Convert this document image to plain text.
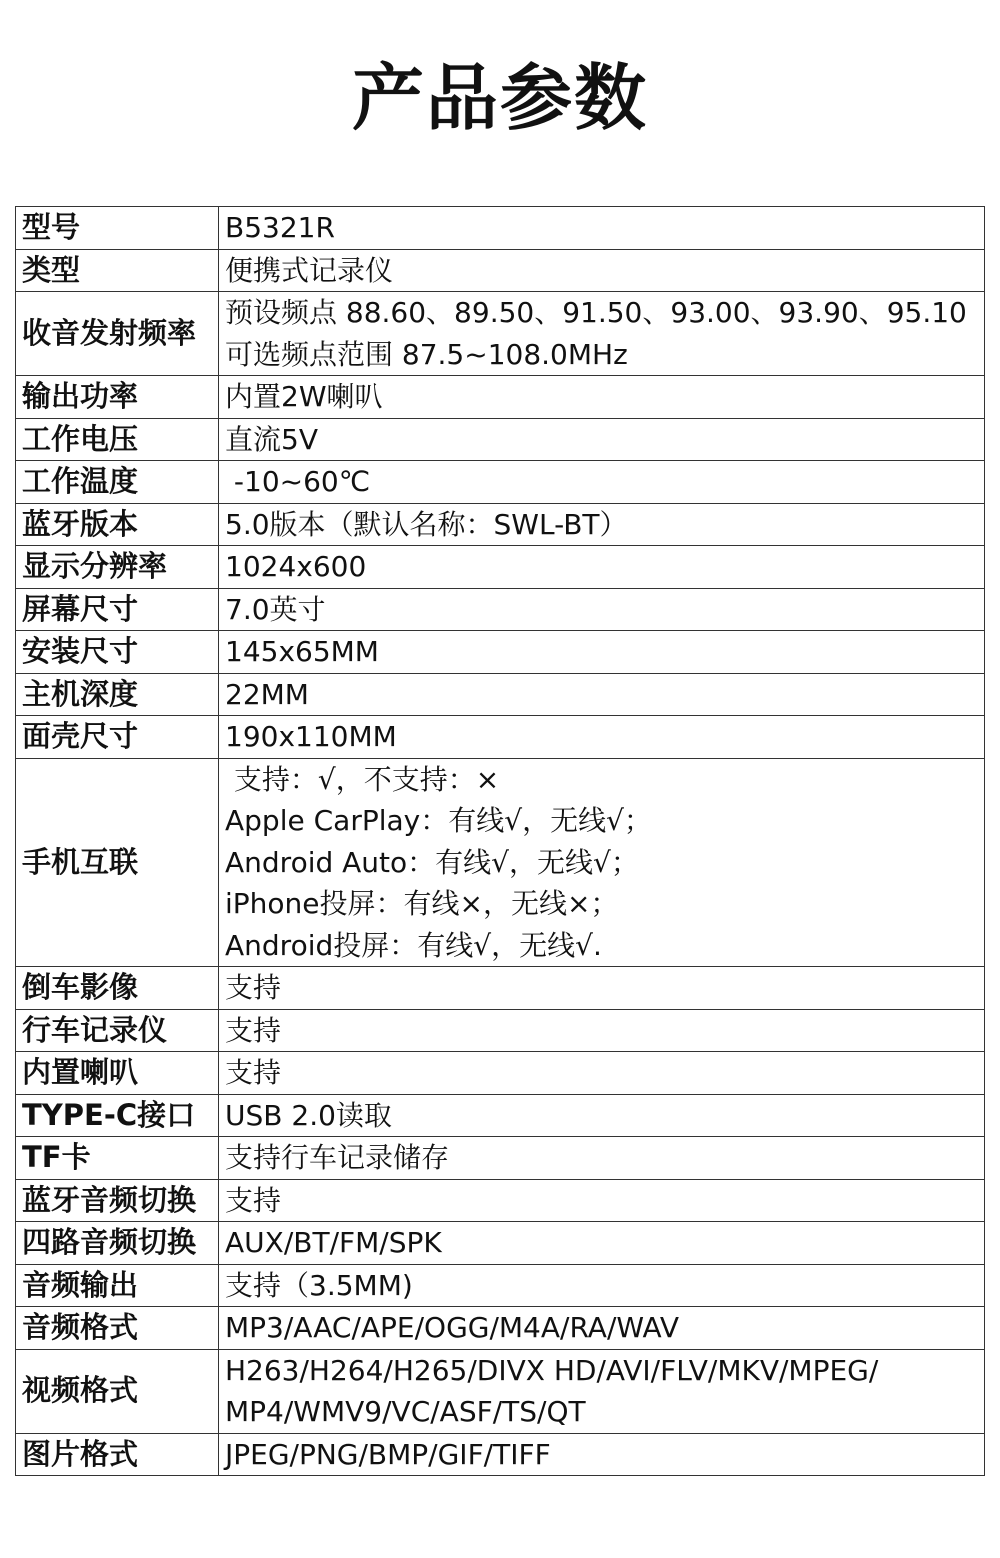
产品参数
型号	B5321R

类型	便携式记录仪

收音发射频率	预设频点 88.60、89.50、91.50、93.00、93.90、95.10
可选频点范围 87.5~108.0MHz

输出功率	内置2W喇叭

工作电压	直流5V

工作温度	-10~60℃

蓝牙版本	5.0版本（默认名称：SWL-BT）

显示分辨率	1024x600

屏幕尺寸	7.0英寸

安装尺寸	145x65MM

主机深度	22MM

面壳尺寸	190x110MM

手机互联	支持：√，不支持：×
Apple CarPlay：有线√，无线√；
Android Auto：有线√，无线√；
iPhone投屏：有线×，无线×；
Android投屏：有线√，无线√.

倒车影像	支持

行车记录仪	支持

内置喇叭	支持

TYPE-C接口	USB 2.0读取

TF卡	支持行车记录储存

蓝牙音频切换	支持

四路音频切换	AUX/BT/FM/SPK

音频输出	支持（3.5MM)

音频格式	MP3/AAC/APE/OGG/M4A/RA/WAV

视频格式	H263/H264/H265/DIVX HD/AVI/FLV/MKV/MPEG/
MP4/WMV9/VC/ASF/TS/QT

图片格式	JPEG/PNG/BMP/GIF/TIFF
